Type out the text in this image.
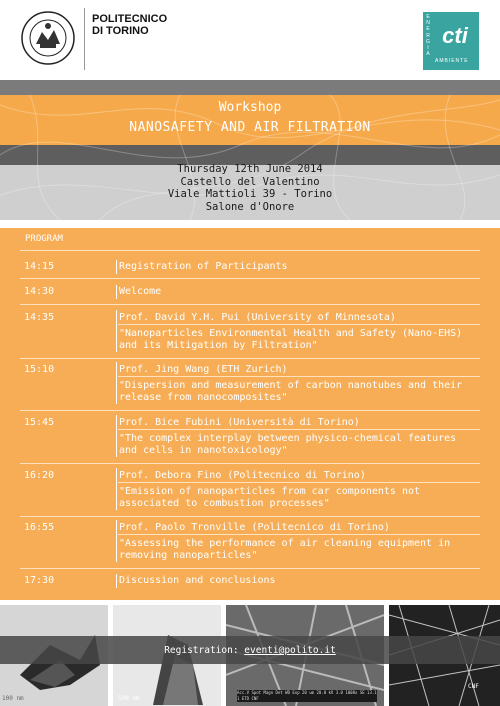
POLITECNICO
DI TORINO
E
N
E
R
G
I
A
cti
AMBIENTE
Workshop
NANOSAFETY AND AIR FILTRATION
Thursday 12th June 2014
Castello del Valentino
Viale Mattioli 39 - Torino
Salone d'Onore
PROGRAM
14:15	Registration of Participants
14:30	Welcome
14:35	Prof. David Y.H. Pui (University of Minnesota)
"Nanoparticles Environmental Health and Safety (Nano-EHS)
and its Mitigation by Filtration"
15:10	Prof. Jing Wang (ETH Zurich)
"Dispersion and measurement of carbon nanotubes and their
release from nanocomposites"
15:45	Prof. Bice Fubini (Università di Torino)
"The complex interplay between physico-chemical features
and cells in nanotoxicology"
16:20	Prof. Debora Fino (Politecnico di Torino)
"Emission of nanoparticles from car components not
associated to combustion processes"
16:55	Prof. Paolo Tronville (Politecnico di Torino)
"Assessing the performance of air cleaning equipment in
removing nanoparticles"
17:30	Discussion and conclusions
Registration: eventi@polito.it
100 nm	500 nm
Acc.V Spot Magn Det WD Exp 20 um 20.0 kV 3.0 1000x SE 13.1 1 ETD CNF
CNF
